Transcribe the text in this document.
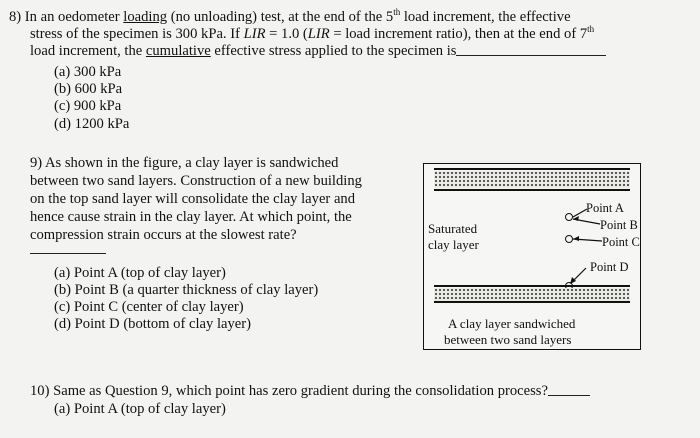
8) In an oedometer loading (no unloading) test, at the end of the 5th load increment, the effective
stress of the specimen is 300 kPa. If LIR = 1.0 (LIR = load increment ratio), then at the end of 7th
load increment, the cumulative effective stress applied to the specimen is
(a) 300 kPa
(b) 600 kPa
(c) 900 kPa
(d) 1200 kPa
9) As shown in the figure, a clay layer is sandwiched
between two sand layers. Construction of a new building
on the top sand layer will consolidate the clay layer and
hence cause strain in the clay layer. At which point, the
compression strain occurs at the slowest rate?
(a) Point A (top of clay layer)
(b) Point B (a quarter thickness of clay layer)
(c) Point C (center of clay layer)
(d) Point D (bottom of clay layer)
Saturated
clay layer
Point A
Point B
Point C
Point D
A clay layer sandwiched
between two sand layers
10) Same as Question 9, which point has zero gradient during the consolidation process?
(a) Point A (top of clay layer)
